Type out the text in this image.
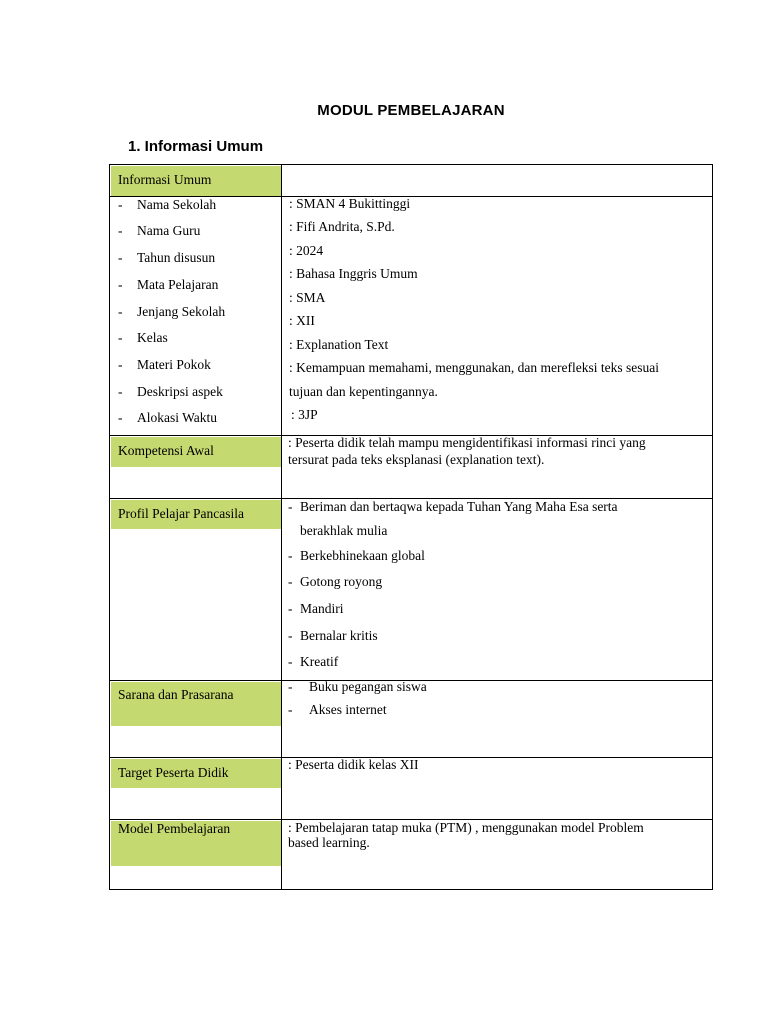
MODUL PEMBELAJARAN
1. Informasi Umum
Informasi Umum
- Nama Sekolah
- Nama Guru
- Tahun disusun
- Mata Pelajaran
- Jenjang Sekolah
- Kelas
- Materi Pokok
- Deskripsi aspek
- Alokasi Waktu
: SMAN 4 Bukittinggi
: Fifi Andrita, S.Pd.
: 2024
: Bahasa Inggris Umum
: SMA
: XII
: Explanation Text
: Kemampuan memahami, menggunakan, dan merefleksi teks sesuai
tujuan dan kepentingannya.
: 3JP
Kompetensi Awal
: Peserta didik telah mampu mengidentifikasi informasi rinci yang
tersurat pada teks eksplanasi (explanation text).
Profil Pelajar Pancasila	- Beriman dan bertaqwa kepada Tuhan Yang Maha Esa serta
berakhlak mulia
- Berkebhinekaan global
- Gotong royong
- Mandiri
- Bernalar kritis
- Kreatif
Sarana dan Prasarana
- Buku pegangan siswa
- Akses internet
Target Peserta Didik
: Peserta didik kelas XII
Model Pembelajaran	: Pembelajaran tatap muka (PTM) , menggunakan model Problem
based learning.
